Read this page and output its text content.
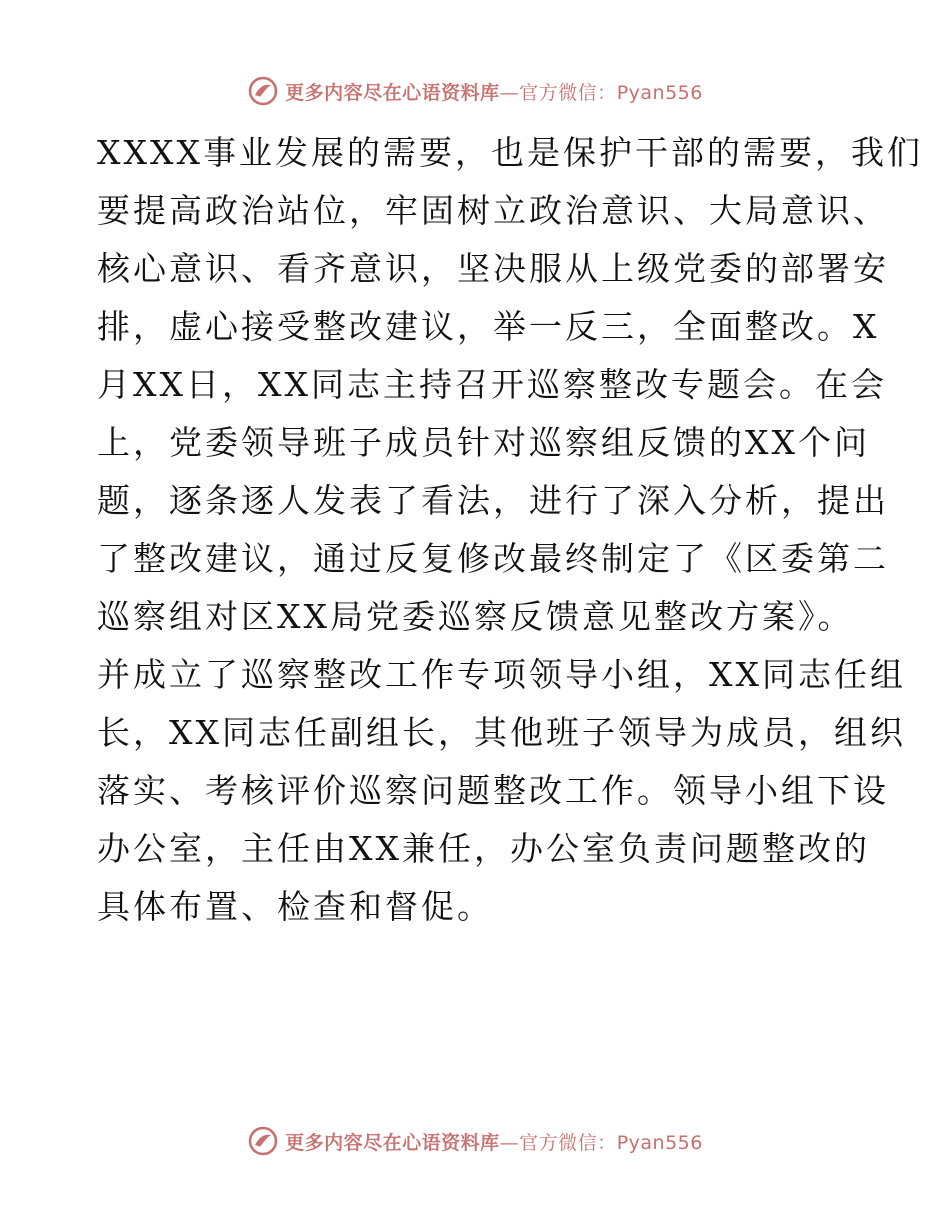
更多内容尽在心语资料库—官方微信：Pyan556
XXXX事业发展的需要，也是保护干部的需要，我们
要提高政治站位，牢固树立政治意识、大局意识、
核心意识、看齐意识，坚决服从上级党委的部署安
排，虚心接受整改建议，举一反三，全面整改。X
月XX日，XX同志主持召开巡察整改专题会。在会
上，党委领导班子成员针对巡察组反馈的XX个问
题，逐条逐人发表了看法，进行了深入分析，提出
了整改建议，通过反复修改最终制定了《区委第二
巡察组对区XX局党委巡察反馈意见整改方案》。
并成立了巡察整改工作专项领导小组，XX同志任组
长，XX同志任副组长，其他班子领导为成员，组织
落实、考核评价巡察问题整改工作。领导小组下设
办公室，主任由XX兼任，办公室负责问题整改的
具体布置、检查和督促。
更多内容尽在心语资料库—官方微信：Pyan556
